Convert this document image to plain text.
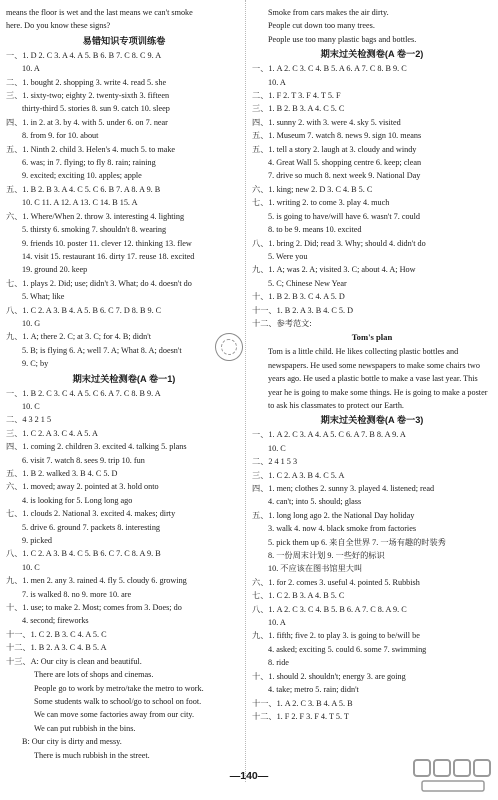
means the floor is wet and the last means we can't smoke
here. Do you know these signs?
易错知识专项训练卷
一、1. D 2. C 3. A 4. A 5. B 6. B 7. C 8. C 9. A
10. A
二、1. bought 2. shopping 3. write 4. read 5. she
三、1. sixty-two; eighty 2. twenty-sixth 3. fifteen
thirty-third 5. stories 8. sun 9. catch 10. sleep
四、1. in 2. at 3. by 4. with 5. under 6. on 7. near
8. from 9. for 10. about
五、1. Ninth 2. child 3. Helen's 4. much 5. to make
6. was; in 7. flying; to fly 8. rain; raining
9. excited; exciting 10. apples; apple
五、1. B 2. B 3. A 4. C 5. C 6. B 7. A 8. A 9. B
10. C 11. A 12. A 13. C 14. B 15. A
六、1. Where/When 2. throw 3. interesting 4. lighting
5. thirsty 6. smoking 7. shouldn't 8. wearing
9. friends 10. poster 11. clever 12. thinking 13. flew
14. visit 15. restaurant 16. dirty 17. reuse 18. excited
19. ground 20. keep
七、1. plays 2. Did; use; didn't 3. What; do 4. doesn't do
5. What; like
八、1. C 2. A 3. B 4. A 5. B 6. C 7. D 8. B 9. C
10. G
九、1. A; there 2. C; at 3. C; for 4. B; didn't
5. B; is flying 6. A; well 7. A; What 8. A; doesn't
9. C; by
期末过关检测卷(A 卷一1)
一、1. B 2. C 3. C 4. A 5. C 6. A 7. C 8. B 9. A
10. C
二、4 3 2 1 5
三、1. C 2. A 3. C 4. A 5. A
四、1. coming 2. children 3. excited 4. talking 5. plans
6. visit 7. watch 8. sees 9. trip 10. fun
五、1. B 2. walked 3. B 4. C 5. D
六、1. moved; away 2. pointed at 3. hold onto
4. is looking for 5. Long long ago
七、1. clouds 2. National 3. excited 4. makes; dirty
5. drive 6. ground 7. packets 8. interesting
9. picked
八、1. C 2. A 3. B 4. C 5. B 6. C 7. C 8. A 9. B
10. C
九、1. men 2. any 3. rained 4. fly 5. cloudy 6. growing
7. is walked 8. no 9. more 10. are
十、1. use; to make 2. Most; comes from 3. Does; do
4. second; fireworks
十一、1. C 2. B 3. C 4. A 5. C
十二、1. B 2. A 3. C 4. B 5. A
十三、A: Our city is clean and beautiful.
There are lots of shops and cinemas.
People go to work by metro/take the metro to work.
Some students walk to school/go to school on foot.
We can move some factories away from our city.
We can put rubbish in the bins.
B: Our city is dirty and messy.
There is much rubbish in the street.
Smoke from cars makes the air dirty.
People cut down too many trees.
People use too many plastic bags and bottles.
期末过关检测卷(A 卷一2)
一、1. A 2. C 3. C 4. B 5. A 6. A 7. C 8. B 9. C
10. A
二、1. F 2. T 3. F 4. T 5. F
三、1. B 2. B 3. A 4. C 5. C
四、1. sunny 2. with 3. were 4. sky 5. visited
五、1. Museum 7. watch 8. news 9. sign 10. means
五、1. tell a story 2. laugh at 3. cloudy and windy
4. Great Wall 5. shopping centre 6. keep; clean
7. drive so much 8. next week 9. National Day
六、1. king; new 2. D 3. C 4. B 5. C
七、1. writing 2. to come 3. play 4. much
5. is going to have/will have 6. wasn't 7. could
8. to be 9. means 10. excited
八、1. bring 2. Did; read 3. Why; should 4. didn't do
5. Were you
九、1. A; was 2. A; visited 3. C; about 4. A; How
5. C; Chinese New Year
十、1. B 2. B 3. C 4. A 5. D
十一、1. B 2. A 3. B 4. C 5. D
十二、参考范文:
Tom's plan
Tom is a little child. He likes collecting plastic bottles and newspapers. He used some newspapers to make some chairs two years ago. He used a plastic bottle to make a vase last year. This year he is going to make some things. He is going to make a poster to ask his classmates to protect our Earth.
期末过关检测卷(A 卷一3)
一、1. A 2. C 3. A 4. A 5. C 6. A 7. B 8. A 9. A
10. C
二、2 4 1 5 3
三、1. C 2. A 3. B 4. C 5. A
四、1. men; clothes 2. sunny 3. played 4. listened; read
4. can't; into 5. should; glass
五、1. long long ago 2. the National Day holiday
3. walk 4. now 4. black smoke from factories
5. pick them up 6. 来自全世界 7. 一场有趣的时装秀
8. 一份周末计划 9. 一些好的标识
10. 不应该在图书馆里大叫
六、1. for 2. comes 3. useful 4. pointed 5. Rubbish
七、1. C 2. B 3. A 4. B 5. C
八、1. A 2. C 3. C 4. B 5. B 6. A 7. C 8. A 9. C
10. A
九、1. fifth; five 2. to play 3. is going to be/will be
4. asked; exciting 5. could 6. some 7. swimming
8. ride
十、1. should 2. shouldn't; energy 3. are going
4. take; metro 5. rain; didn't
十一、1. A 2. C 3. B 4. A 5. B
十二、1. F 2. F 3. F 4. T 5. T
—140—
